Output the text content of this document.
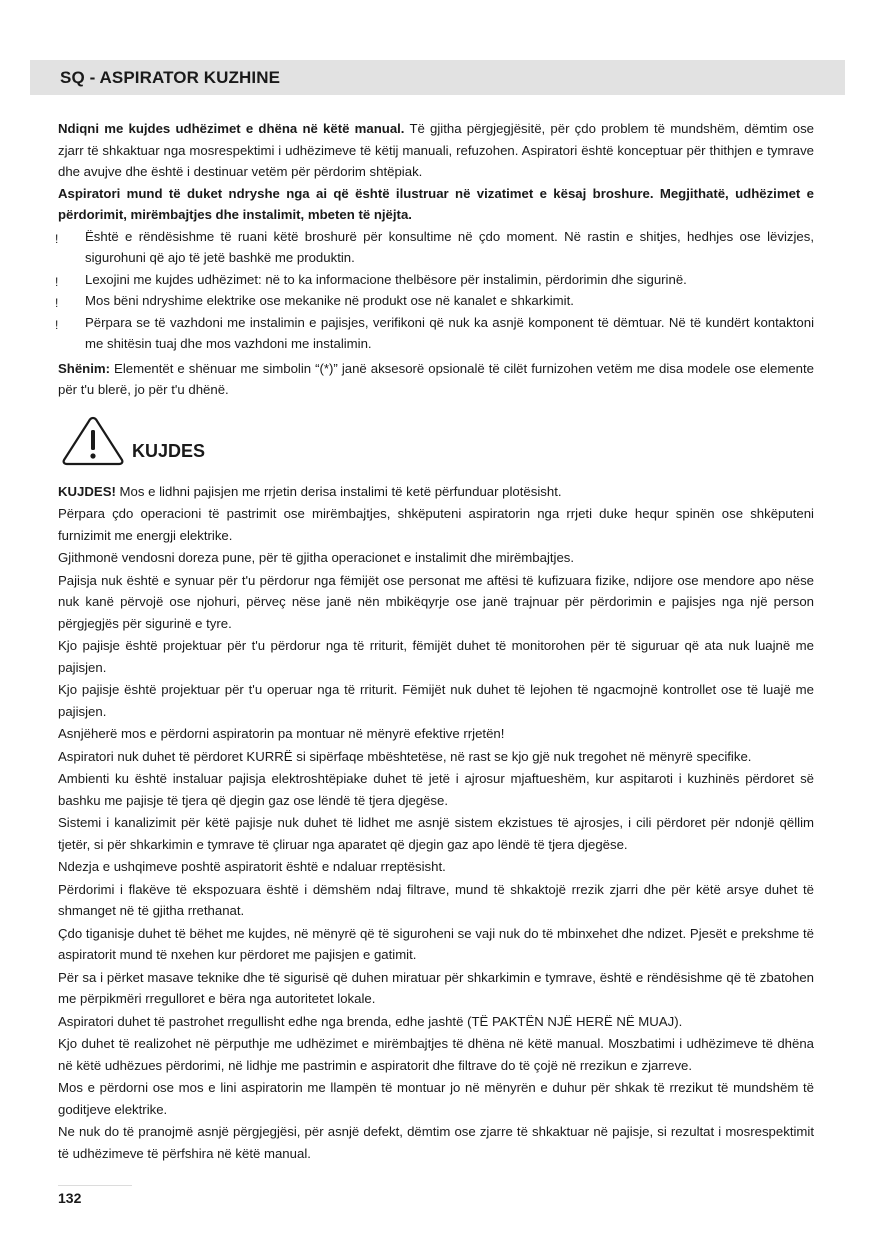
SQ - ASPIRATOR KUZHINE

Ndiqni me kujdes udhëzimet e dhëna në këtë manual. Të gjitha përgjegjësitë, për çdo problem të mundshëm, dëmtim ose zjarr të shkaktuar nga mosrespektimi i udhëzimeve të këtij manuali, refuzohen. Aspiratori është konceptuar për thithjen e tymrave dhe avujve dhe është i destinuar vetëm për përdorim shtëpiak.

Aspiratori mund të duket ndryshe nga ai që është ilustruar në vizatimet e kësaj broshure. Megjithatë, udhëzimet e përdorimit, mirëmbajtjes dhe instalimit, mbeten të njëjta.

! Është e rëndësishme të ruani këtë broshurë për konsultime në çdo moment. Në rastin e shitjes, hedhjes ose lëvizjes, sigurohuni që ajo të jetë bashkë me produktin.
! Lexojini me kujdes udhëzimet: në to ka informacione thelbësore për instalimin, përdorimin dhe sigurinë.
! Mos bëni ndryshime elektrike ose mekanike në produkt ose në kanalet e shkarkimit.
! Përpara se të vazhdoni me instalimin e pajisjes, verifikoni që nuk ka asnjë komponent të dëmtuar. Në të kundërt kontaktoni me shitësin tuaj dhe mos vazhdoni me instalimin.

Shënim: Elementët e shënuar me simbolin “(*)” janë aksesorë opsionalë të cilët furnizohen vetëm me disa modele ose elemente për t'u blerë, jo për t'u dhënë.

KUJDES

KUJDES! Mos e lidhni pajisjen me rrjetin derisa instalimi të ketë përfunduar plotësisht.

Përpara çdo operacioni të pastrimit ose mirëmbajtjes, shkëputeni aspiratorin nga rrjeti duke hequr spinën ose shkëputeni furnizimit me energji elektrike.

Gjithmonë vendosni doreza pune, për të gjitha operacionet e instalimit dhe mirëmbajtjes.

Pajisja nuk është e synuar për t'u përdorur nga fëmijët ose personat me aftësi të kufizuara fizike, ndijore ose mendore apo nëse nuk kanë përvojë ose njohuri, përveç nëse janë nën mbikëqyrje ose janë trajnuar për përdorimin e pajisjes nga një person përgjegjës për sigurinë e tyre.

Kjo pajisje është projektuar për t'u përdorur nga të rriturit, fëmijët duhet të monitorohen për të siguruar që ata nuk luajnë me pajisjen.

Kjo pajisje është projektuar për t'u operuar nga të rriturit. Fëmijët nuk duhet të lejohen të ngacmojnë kontrollet ose të luajë me pajisjen.

Asnjëherë mos e përdorni aspiratorin pa montuar në mënyrë efektive rrjetën!

Aspiratori nuk duhet të përdoret KURRË si sipërfaqe mbështetëse, në rast se kjo gjë nuk tregohet në mënyrë specifike.

Ambienti ku është instaluar pajisja elektroshtëpiake duhet të jetë i ajrosur mjaftueshëm, kur aspitaroti i kuzhinës përdoret së bashku me pajisje të tjera që djegin gaz ose lëndë të tjera djegëse.

Sistemi i kanalizimit për këtë pajisje nuk duhet të lidhet me asnjë sistem ekzistues të ajrosjes, i cili përdoret për ndonjë qëllim tjetër, si për shkarkimin e tymrave të çliruar nga aparatet që djegin gaz apo lëndë të tjera djegëse.

Ndezja e ushqimeve poshtë aspiratorit është e ndaluar rreptësisht.

Përdorimi i flakëve të ekspozuara është i dëmshëm ndaj filtrave, mund të shkaktojë rrezik zjarri dhe për këtë arsye duhet të shmanget në të gjitha rrethanat.

Çdo tiganisje duhet të bëhet me kujdes, në mënyrë që të siguroheni se vaji nuk do të mbinxehet dhe ndizet. Pjesët e prekshme të aspiratorit mund të nxehen kur përdoret me pajisjen e gatimit.

Për sa i përket masave teknike dhe të sigurisë që duhen miratuar për shkarkimin e tymrave, është e rëndësishme që të zbatohen me përpikmëri rregulloret e bëra nga autoritetet lokale.

Aspiratori duhet të pastrohet rregullisht edhe nga brenda, edhe jashtë (TË PAKTËN NJË HERË NË MUAJ).

Kjo duhet të realizohet në përputhje me udhëzimet e mirëmbajtjes të dhëna në këtë manual. Moszbatimi i udhëzimeve të dhëna në këtë udhëzues përdorimi, në lidhje me pastrimin e aspiratorit dhe filtrave do të çojë në rrezikun e zjarreve.

Mos e përdorni ose mos e lini aspiratorin me llampën të montuar jo në mënyrën e duhur për shkak të rrezikut të mundshëm të goditjeve elektrike.

Ne nuk do të pranojmë asnjë përgjegjësi, për asnjë defekt, dëmtim ose zjarre të shkaktuar në pajisje, si rezultat i mosrespektimit të udhëzimeve të përfshira në këtë manual.

132
